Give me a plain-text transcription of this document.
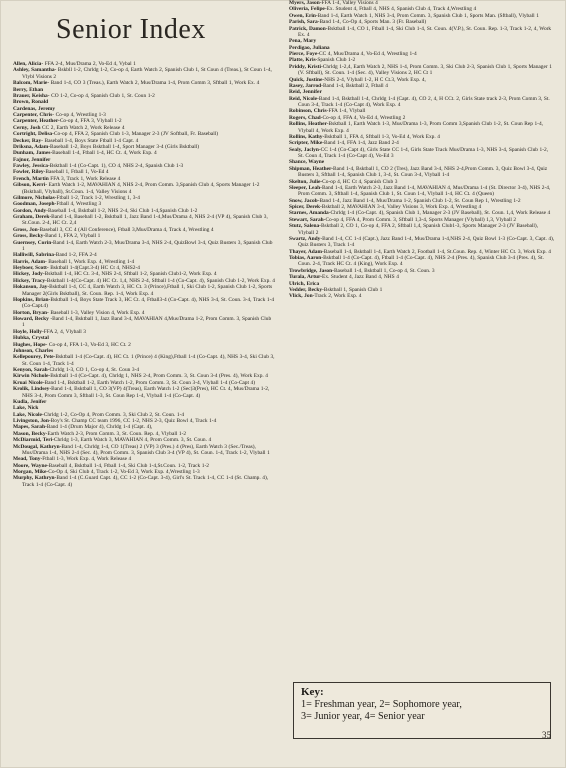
Senior Index

Allen, Alicia- FFA 2-4, Mus/Drama 2, Vo-Ed 4, Vybal 1

Ashley, Samantha- Bskbll 1-2, Chrldg 1-2, Co-op 4, Earth Watch 2, Spanish Club 1, St Coun 4 (Treas.), St Coun 1-4, Vlybl Visions 2

Balcom, Marie- Band 1-4, CO 3 (Treas.), Earth Watch 2, Mus/Drama 1-4, Prom Comm 3, Sftball 1, Work Ex. 4

Berry, Ethan

Brauer, Keisha- CO 1-2, Co-op 4, Spanish Club 1, St. Coun 1-2

Brown, Ronald

Cardenas, Jeremy

Carpenter, Chris- Co-op 4, Wrestling 1-3

Carpenter, Heather-Co-op 4, FFA 3, Vlyball 1-2

Cerny, Josh CC 2, Earth Watch 2, Work Release 4

Cortright, Delisa-Co-op 4, FFA 2, Spanish Club 1-3, Manager 2-3 (JV Softball, Fr. Baseball)

Decker, Ray- Baseball 1-4, Boys State Ftball 1-4 Capt. 4

Driksna, Adam-Baseball 1-2, Boys Bsktball 1-4, Sport Manager 3-4 (Girls Bsktball)

Dunham, James-Baseball 1-4, Ftball 1-4, HC Ct. 4, Work Exp. 4

Fajnor, Jennifer

Fawley, Jessica-Bsktball 1-4 (Co-Capt. 1), CO 4, NHS 2-4, Spanish Club 1-3

Fowler, Riley-Baseball 1, Ftball 1, Vo-Ed 4

French, Martin FFA 3, Track 1, Work Release 4

Gibson, Kerri- Earth Watch 1-2, MAVAHIAN 4, NHS 2-4, Prom Comm. 3,Spanish Club 4, Sports Manager 1-2 (Bsktball, Vlyball), St.Coun. 1-4, Valley Visions 4

Gilmore, Nicholas-Ftball 1-2, Track 1-2, Wrestling 1, 3-4

Goodman, Joseph-Ftball 4, Wrestling 3

Gordon, Andy-Baseball 1-4, Bsktball 1-2, NHS 2-4, Ski Club 1-4,Spanish Club 1-2

Graham, Derek-Band 1-4, Baseball 1-2, Bsktball 1, Jazz Band 1-4,Mus/Drama 4, NHS 2-4 (VP 4), Spanish Club 3, St.Coun. 2-4, HC Ct. 2,4

Gross, Jon-Baseball 3, CC 4 (All Conference), Ftball 3,Mus/Drama 4, Track 4, Wrestling 4

Gross, Becky-Band 1, FFA 2, Vlyball 1

Guernsey, Corin-Band 1-4, Earth Watch 2-3, Mus/Drama 3-4, NHS 2-4, QuizBowl 3-4, Quiz Busters 3, Spanish Club 1

Halliwill, Sabrina-Band 1-2, FFA 2-4

Harris, Adam- Baseball 1, Work Exp. 4, Wrestling 1-4

Heyboer, Scott- Bsktball 1-4(Capt.3-4) HC Ct 4, NHS2-4

Hickey, Jody-Bsktball 1-4, HC Ct. 3-4, NHS 2-4, Sftball 1-2, Spanish Club1-2, Work Exp. 4

Hickey, Tracy-Bsktball 1-4(Co-Capt. 4) HC Ct. 1,4, NHS 2-4, Sftball 1-4 (Co-Capt. 4), Spanish Club 1-2, Work Exp. 4

Hokanson, Jay-Bsktball 1-4, CC 4, Earth Watch 3, HC Ct. 3 (Prince),Ftball 1, Ski Club 1-2, Spanish Club 1-2, Sports Manager 2(Girls Bsktball), St. Coun. Rep. 1-4, Work Exp. 4

Hopkins, Brian-Bsktball 1-4, Boys State Track 3, HC Ct. 4, Ftball3-4 (Co-Capt. 4), NHS 3-4, St. Coun. 3-4, Track 1-4 (Co-Capt.4)

Horton, Bryan- Baseball 1-3, Valley Vision 4, Work Exp. 4

Howard, Becky -Band 1-4, Bsktball 1, Jazz Band 3-4, MAVAHIAN 4,Mus/Drama 1-2, Prom Comm. 3, Spanish Club 1

Hoyle, Holly-FFA 2, 4, Vlyball 3

Hubka, Crystal

Hughes, Hope- Co-op 4, FFA 1-3, Vo-Ed 3, HC Ct. 2

Johnson, Charles

Kellepourey, Pete-Bsktball 1-4 (Co-Capt. 4), HC Ct. 1 (Prince) 4 (King),Ftball 1-4 (Co-Capt. 4), NHS 3-4, Ski Club 3, St. Coun 1-4, Track 1-4

Kenyon, Sarah-Chrldg 1-3, CO 1, Co-op 4, St. Coun 3-4

Kirwin Nichole-Bsktball 1-4 (Co-Capt. 4), Chrldg 1, NHS 2-4, Prom Comm. 3, St. Coun 3-4 (Pres. 4), Work Exp. 4

Kruai Nicole-Band 1-4, Bsktball 1-2, Earth Watch 1-2, Prom Comm. 3, St. Coun 3-4, Vlyball 1-4 (Co-Capt 4)

Krolik, Lindsey-Band 1-4, Bsktball 1, CO 3(VP) 4(Treas), Earth Watch 1-2 (Sec)3(Pres), HC Ct. 4, Mus/Drama 1-2, NHS 3-4, Prom Comm 3, Sftball 1-3, St. Coun Rep 1-4, Vlyball 1-4 (Co-Capt. 4)

Kudla, Jenifer

Lake, Nick

Lake, Nicole-Chrldg 1-2, Co-Op 4, Prom Comm. 3, Ski Club 2, St. Coun. 1-4

Livingston, Jon-Boy's St. Champ CC team 1996, CC 1-2, NHS 2-3, Quiz Bowl 4, Track 1-4

Mapes, Sarah-Band 1-4 (Drum Major 4), Chrldg 1-4 (Capt. 4),

Mason, Becky-Earth Watch 2-3, Prom Comm. 3, St. Coun. Rep. 4, Vlyball 1-2

McDiarmid, Teri-Chrldg 1-3, Earth Watch 3, MAVAHIAN 4, Prom Comm. 3, St. Coun. 4

McDougal, Kathryn-Band 1-4, Chrldg 1-4, CO 1(Treas) 2 (VP) 3 (Pres.) 4 (Pres), Earth Watch 3 (Sec./Treas), Mus/Drama 1-4, NHS 2-4 (Sec. 4), Prom Comm. 3, Spanish Club 3-4 (VP 4), St. Coun. 1-4, Track 1-2, Vlyball 1

Mead, Tony-Ftball 1-3, Work Exp. 4, Work Release 4

Moore, Wayne-Baseball 4, Bsktball 1-4, Ftball 1-4, Ski Club 1-4,St.Coun. 1-2, Track 1-2

Morgan, Mike-Co-Op 4, Ski Club 4, Track 1-2, Vo-Ed 3, Work Exp. 4,Wrestling 1-3

Murphy, Kathryn-Band 1-4 (C.Guard Capt. 4), CC 1-2 (Co-Capt. 3-4), Girl's St. Track 1-4, CC 1-4 (St. Champ. 4), Track 1-4 (Co-Capt. 4)

Myers, Jason-FFA 1-4, Valley Visions 4

Oliveria, Felipe-Ex. Student 4, Ftball 4, NHS 4, Spanish Club 4, Track 4,Wrestling 4

Owen, Erin-Band 1-4, Earth Watch 1, NHS 3-4, Prom Comm. 3, Spanish Club 1, Sports Man. (Sftball), Vlyball 1

Parish, Sara-Band 1-4, Co-Op 4, Sports Man. 3 (Fr. Baseball)

Patrick, Damon-Bsktball 1-4, CO 1, Ftball 1-4, Ski Club 1-4, St. Coun. 4(V.P.), St. Coun. Rep. 1-3, Track 1-2, 4, Work Ex. 4

Pena, Mary

Perdigao, Juliana

Pierce, Foye-CC 4, Mus/Drama 4, Vo-Ed 4, Wrestling 1-4

Platte, Kris-Spanish Club 1-2

Priddy, Kristi-Chrldg 1-2,4, Earth Watch 2, NHS 1-4, Prom Comm. 3, Ski Club 2-3, Spanish Club 1, Sports Manager 1 (V. Sftball), St. Coun. 1-4 (Sec. 4), Valley Visions 2, HC Ct 1

Quick, Justine-NHS 2-4, Vlyball 1-2, H C Ct.3, Work Exp. 4,

Rasey, Jarrod-Band 1-4, Bsktball 2, Ftball 4

Reid, Jennifer

Reid, Nicole-Band 1-4, Bsktball 1-4, Chrldg 1-4 (Capt. 4), CO 2, 4, H CCt. 2, Girls State track 2-3, Prom Comm 3, St. Coun 3-4, Track 1-4 (Co-Capt 4), Work Exp. 4

Robinson, Chris-FFA 1-4, Vlyball

Rogers, Chad-Co-op 4, FFA 4, Vo-Ed 4, Wrestling 2

Rollins, Heather-Bsktball 1, Earth Watch 1-3, Mus/Drama 1-3, Prom Comm 3,Spanish Club 1-2, St. Coun Rep 1-4, Vlyball 4, Work Exp. 4

Rollins, Kathy-Bsktball 1, FFA 4, Sftball 1-3, Vo-Ed 4, Work Exp. 4

Scripter, Mike-Band 1-4, FFA 1-4, Jazz Band 2-4

Sealy, Jaclyn-CC 1-4 (Co-Capt 4), Girls State CC 1-4, Girls State Track Mus/Drama 1-3, NHS 3-4, Spanish Club 1-2, St. Coun 4, Track 1-4 (Co-Capt 4), Vo-Ed 3

Shance, Wayne

Shipman, Heather-Band 1-4, Bsktball 1, CO 2 (Tres), Jazz Band 3-4, NHS 2-4,Prom Comm. 3, Quiz Bowl 3-4, Quiz Busters 3, Sftball 1-4, Spanish Club 1, 3-4, St. Coun 3-4, Vlyball 1-4

Skelton, Julie-Co-op 4, HC Ct 4, Spanish Club 3

Sleeper, Leah-Band 1-4, Earth Watch 2-3, Jazz Band 1-4, MAVAHIAN 4, Mus/Drama 1-4 (St. Director 3-4), NHS 2-4, Prom Comm. 3, Sftball 1-4, Spanish Club 1, St. Coun 1-4, Vlyball 1-4, HC Ct. 4 (Queen)

Snow, Jacob-Band 1-4, Jazz Band 1-4, Mus/Drama 1-2, Spanish Club 1-2, St. Coun Rep 1, Wrestling 1-2

Spicer, Derek-Bsktball 2, MAVAHIAN 3-4, Valley Visions 3, Work Exp. 4, Wrestling 4

Starnes, Amanda-Chrldg 1-4 (Co-Capt. 4), Spanish Club 1, Manager 2-3 (JV Baseball), St. Coun. 1,4, Work Release 4

Stewart, Sarah-Co-op 4, FFA 4, Prom Comm. 3, Sftball 1,3-4, Sports Manager (Vlyball) 1,3, Vlyball 2

Stutz, Salena-Bsktball 2, CO 1, Co-op 4, FFA 2, Sftball 1,4, Spanish Club1-3, Sports Manager 2-3 (JV Baseball), Vlyball 2

Swartz, Andy-Band 1-4, CC 1-4 (Capt.), Jazz Band 1-4, Mus/Drama 1-4,NHS 2-4, Quiz Bowl 1-3 (Co-Capt. 3, Capt. 4), Quiz Busters 3, Track 1-4

Thayer, Adam-Baseball 1-4, Bsktball 1-4, Earth Watch 2, Football 1-4, St.Coun. Rep. 4, Winter HC Ct. 3, Work Exp. 4

Tobias, Aaron-Bsktball 1-4 (Co-Capt. 4), Ftball 1-4 (Co-Capt. 4), NHS 2-4 (Pres. 4), Spanish Club 3-4 (Pres. 4), St. Coun. 2-4, Track HC Ct. 4 (King), Work Exp. 4

Trowbridge, Jason-Baseball 1-4, Bsktball 1, Co-op 4, St. Coun. 3

Turala, Artur-Ex. Student 4, Jazz Band 4, NHS 4

Ulrich, Erica

Vedder, Becky-Bsktball 1, Spanish Club 1

Vlick, Jon-Track 2, Work Exp. 4

Key:
1= Freshman year, 2= Sophomore year,
3= Junior year, 4= Senior year
35
